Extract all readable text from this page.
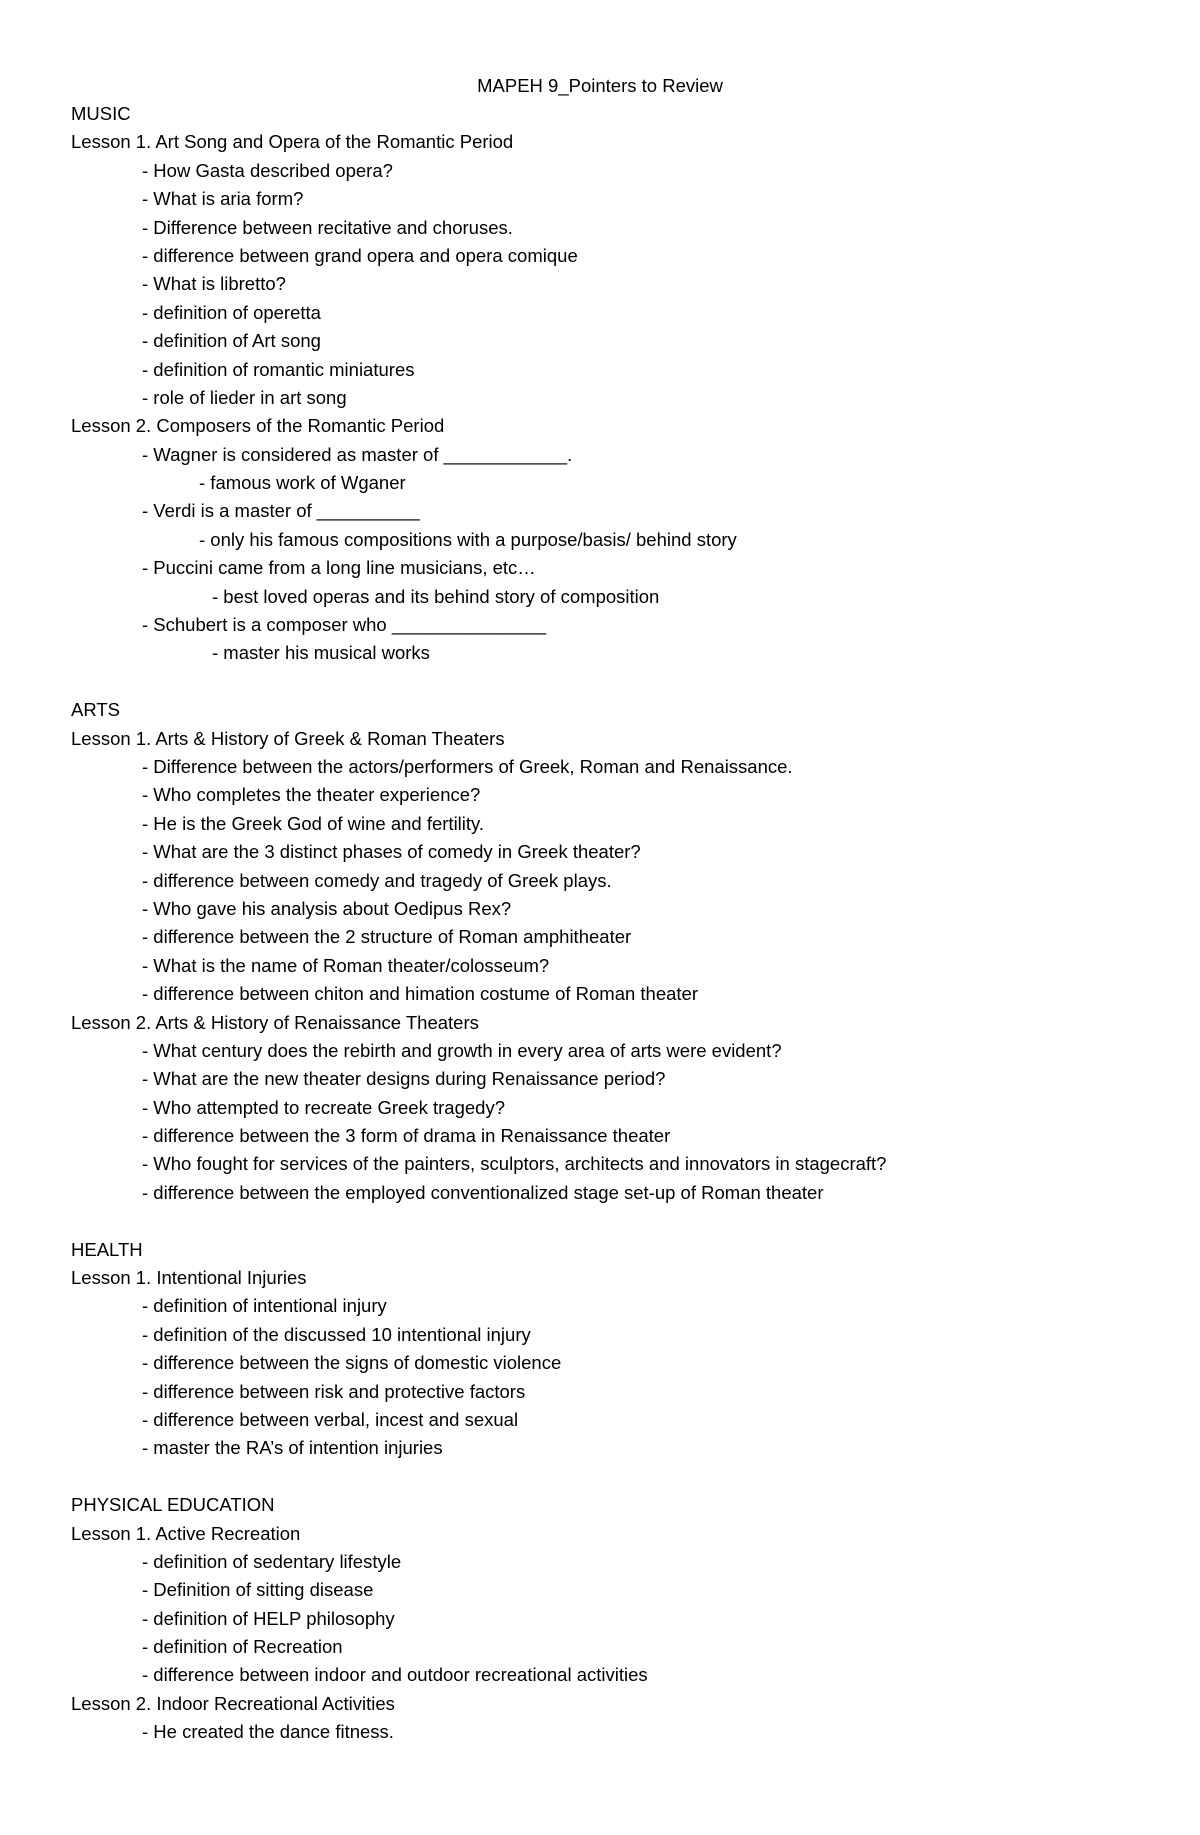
MAPEH 9_Pointers to Review
MUSIC
Lesson 1. Art Song and Opera of the Romantic Period
- How Gasta described opera?
- What is aria form?
- Difference between recitative and choruses.
- difference between grand opera and opera comique
- What is libretto?
- definition of operetta
- definition of Art song
- definition of romantic miniatures
- role of lieder in art song
Lesson 2. Composers of the Romantic Period
- Wagner is considered as master of ____________.
- famous work of Wganer
- Verdi is a master of __________
- only his famous compositions with a purpose/basis/ behind story
- Puccini came from a long line musicians, etc…
- best loved operas and its behind story of composition
- Schubert is a composer who _______________
- master his musical works
ARTS
Lesson 1. Arts & History of Greek & Roman Theaters
- Difference between the actors/performers of Greek, Roman and Renaissance.
- Who completes the theater experience?
- He is the Greek God of wine and fertility.
- What are the 3 distinct phases of comedy in Greek theater?
- difference between comedy and tragedy of Greek plays.
- Who gave his analysis about Oedipus Rex?
- difference between the 2 structure of Roman amphitheater
- What is the name of Roman theater/colosseum?
- difference between chiton and himation costume of Roman theater
Lesson 2. Arts & History of Renaissance Theaters
- What century does the rebirth and growth in every area of arts were evident?
- What are the new theater designs during Renaissance period?
- Who attempted to recreate Greek tragedy?
- difference between the 3 form of drama in Renaissance theater
- Who fought for services of the painters, sculptors, architects and innovators in stagecraft?
- difference between the employed conventionalized stage set-up of Roman theater
HEALTH
Lesson 1. Intentional Injuries
- definition of intentional injury
- definition of the discussed 10 intentional injury
- difference between the signs of domestic violence
- difference between risk and protective factors
- difference between verbal, incest and sexual
- master the RA’s of intention injuries
PHYSICAL EDUCATION
Lesson 1. Active Recreation
- definition of sedentary lifestyle
- Definition of sitting disease
- definition of HELP philosophy
- definition of Recreation
- difference between indoor and outdoor recreational activities
Lesson 2. Indoor Recreational Activities
- He created the dance fitness.
